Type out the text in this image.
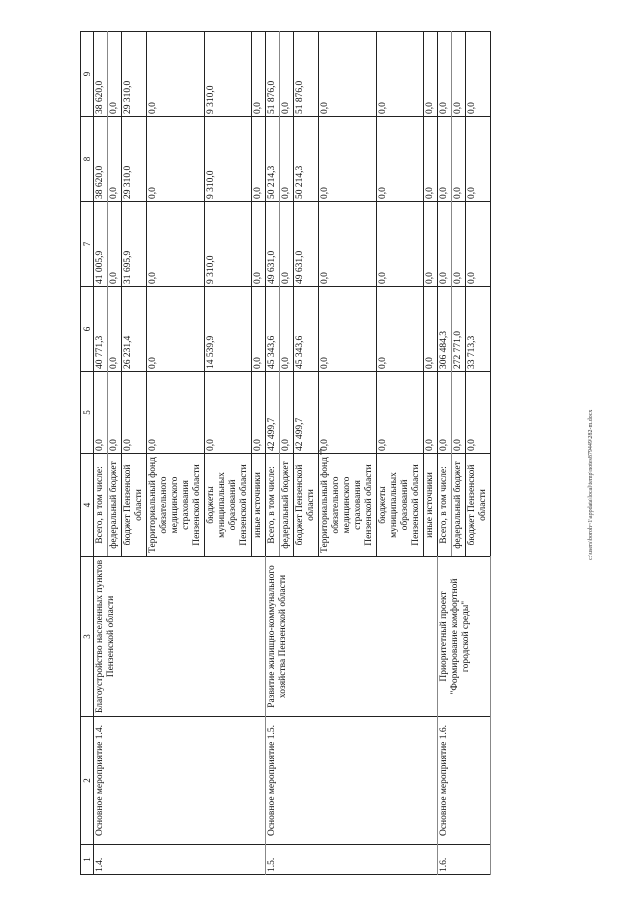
4	c:\users\boroh~1\appdata\local\temp\notes879449\282-m.docx
1	2	3	4	5	6	7	8	9
1.4.	Основное мероприятие 1.4.	Благоустройство населенных пунктов Пензенской области	Всего, в том числе:	0,0	40 771,3	41 005,9	38 620,0	38 620,0
			федеральный бюджет	0,0	0,0	0,0	0,0	0,0
			бюджет Пензенской области	0,0	26 231,4	31 695,9	29 310,0	29 310,0
			Территориальный фонд обязательного медицинского страхования Пензенской области	0,0	0,0	0,0	0,0	0,0
			бюджеты муниципальных образований Пензенской области	0,0	14 539,9	9 310,0	9 310,0	9 310,0
			иные источники	0,0	0,0	0,0	0,0	0,0
1.5.	Основное мероприятие 1.5.	Развитие жилищно-коммунального хозяйства Пензенской области	Всего, в том числе:	42 499,7	45 343,6	49 631,0	50 214,3	51 876,0
			федеральный бюджет	0,0	0,0	0,0	0,0	0,0
			бюджет Пензенской области	42 499,7	45 343,6	49 631,0	50 214,3	51 876,0
			Территориальный фонд обязательного медицинского страхования Пензенской области	0,0	0,0	0,0	0,0	0,0
			бюджеты муниципальных образований Пензенской области	0,0	0,0	0,0	0,0	0,0
			иные источники	0,0	0,0	0,0	0,0	0,0
1.6.	Основное мероприятие 1.6.	Приоритетный проект "Формирование комфортной городской среды"	Всего, в том числе:	0,0	306 484,3	0,0	0,0	0,0
			федеральный бюджет	0,0	272 771,0	0,0	0,0	0,0
			бюджет Пензенской области	0,0	33 713,3	0,0	0,0	0,0
